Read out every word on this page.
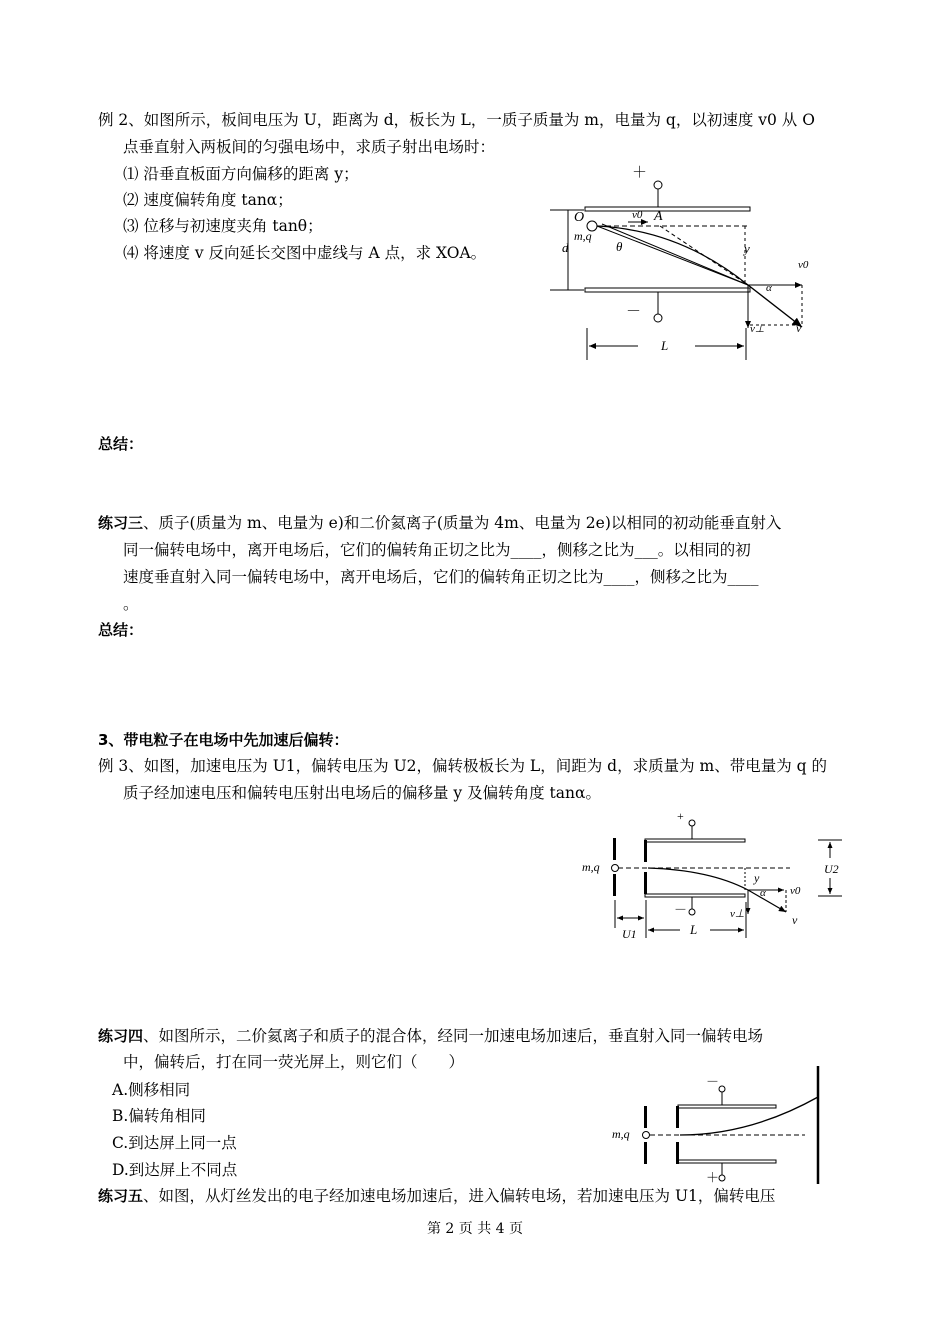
例 2、如图所示，板间电压为 U，距离为 d，板长为 L，一质子质量为 m，电量为 q，以初速度 v0 从 O
点垂直射入两板间的匀强电场中，求质子射出电场时：
⑴ 沿垂直板面方向偏移的距离 y；
⑵ 速度偏转角度 tanα；
⑶ 位移与初速度夹角 tanθ；
⑷ 将速度 v 反向延长交图中虚线与 A 点，求 XOA。
＋
－
O	A
m,q
v0
θ	y
d
v0
α
v⊥	v
L
总结：
练习三、质子(质量为 m、电量为 e)和二价氦离子(质量为 4m、电量为 2e)以相同的初动能垂直射入
同一偏转电场中，离开电场后，它们的偏转角正切之比为____，侧移之比为___。以相同的初
速度垂直射入同一偏转电场中，离开电场后，它们的偏转角正切之比为____，侧移之比为____
。
总结：
3、带电粒子在电场中先加速后偏转：
例 3、如图，加速电压为 U1，偏转电压为 U2，偏转极板长为 L，间距为 d，求质量为 m、带电量为 q 的
质子经加速电压和偏转电压射出电场后的偏移量 y 及偏转角度 tanα。
m,q
+
－
y
α v0
v⊥	v
U2
U1	L
练习四、如图所示，二价氦离子和质子的混合体，经同一加速电场加速后，垂直射入同一偏转电场
中，偏转后，打在同一荧光屏上，则它们（　　）
A.侧移相同
B.偏转角相同
C.到达屏上同一点
D.到达屏上不同点
m,q
－
＋
练习五、如图，从灯丝发出的电子经加速电场加速后，进入偏转电场，若加速电压为 U1，偏转电压
第 2 页 共 4 页
